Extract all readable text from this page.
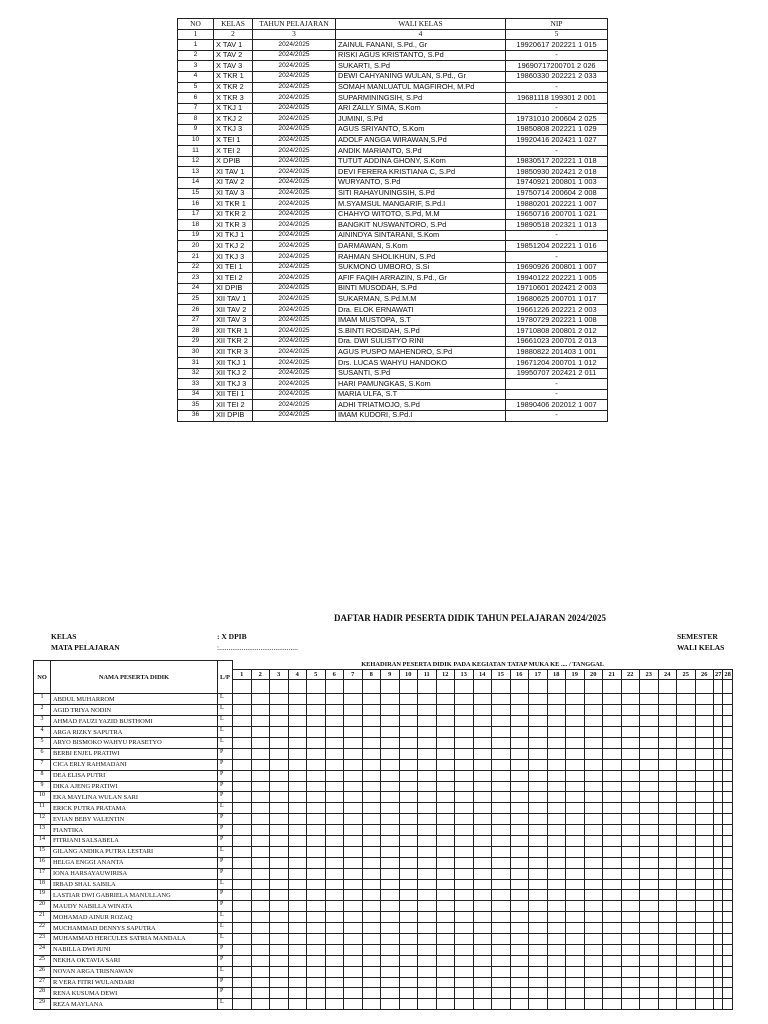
NO	KELAS	TAHUN PELAJARAN	WALI KELAS	NIP
1	2	3	4	5
1	X TAV 1	2024/2025	ZAINUL FANANI, S.Pd., Gr	19920617 202221 1 015
2	X TAV 2	2024/2025	RISKI AGUS KRISTANTO, S.Pd	-
3	X TAV 3	2024/2025	SUKARTI, S.Pd	19690717200701 2 026
4	X TKR 1	2024/2025	DEWI CAHYANING WULAN, S.Pd., Gr	19860330 202221 2 033
5	X TKR 2	2024/2025	SOMAH MANLUATUL MAGFIROH, M.Pd	-
6	X TKR 3	2024/2025	SUPARMININGSIH, S.Pd	19681118 199301 2 001
7	X TKJ 1	2024/2025	ARI ZALLY SIMA, S.Kom	-
8	X TKJ 2	2024/2025	JUMINI, S.Pd	19731010 200604 2 025
9	X TKJ 3	2024/2025	AGUS SRIYANTO, S.Kom	19850808 202221 1 029
10	X TEI 1	2024/2025	ADOLF ANGGA WIRAWAN,S.Pd	19920416 202421 1 027
11	X TEI 2	2024/2025	ANDIK MARIANTO, S.Pd	-
12	X DPIB	2024/2025	TUTUT ADDINA GHONY, S.Kom	19830517 202221 1 018
13	XI TAV 1	2024/2025	DEVI FERERA KRISTIANA C, S.Pd	19850930 202421 2 018
14	XI TAV 2	2024/2025	WURYANTO, S.Pd	19740921 200801 1 003
15	XI TAV 3	2024/2025	SITI RAHAYUNINGSIH, S.Pd	19750714 200604 2 008
16	XI TKR 1	2024/2025	M.SYAMSUL MANGARIF, S.Pd.I	19880201 202221 1 007
17	XI TKR 2	2024/2025	CHAHYO WITOTO, S.Pd, M.M	19650716 200701 1 021
18	XI TKR 3	2024/2025	BANGKIT NUSWANTORO, S.Pd	19890518 202321 1 013
19	XI TKJ 1	2024/2025	AININDYA SINTARANI, S.Kom	-
20	XI TKJ 2	2024/2025	DARMAWAN, S.Kom	19851204 202221 1 016
21	XI TKJ 3	2024/2025	RAHMAN SHOLIKHUN, S.Pd	-
22	XI TEI 1	2024/2025	SUKMONO UMBORO, S.Si	19690926 200801 1 007
23	XI TEI 2	2024/2025	AFIF FAQIH ARRAZIN, S.Pd., Gr	19940122 202221 1 005
24	XI DPIB	2024/2025	BINTI MUSODAH, S.Pd	19710601 202421 2 003
25	XII TAV 1	2024/2025	SUKARMAN, S.Pd.M.M	19680625 200701 1 017
26	XII TAV 2	2024/2025	Dra. ELOK ERNAWATI	19661226 202221 2 003
27	XII TAV 3	2024/2025	IMAM MUSTOPA, S.T	19780729 202221 1 008
28	XII TKR 1	2024/2025	S.BINTI ROSIDAH, S.Pd	19710808 200801 2 012
29	XII TKR 2	2024/2025	Dra. DWI SULISTYO RINI	19661023 200701 2 013
30	XII TKR 3	2024/2025	AGUS PUSPO MAHENDRO, S.Pd	19880822 201403 1 001
31	XII TKJ 1	2024/2025	Drs. LUCAS WAHYU HANDOKO	19671204 200701 1 012
32	XII TKJ 2	2024/2025	SUSANTI, S.Pd	19950707 202421 2 011
33	XII TKJ 3	2024/2025	HARI PAMUNGKAS, S.Kom	-
34	XII TEI 1	2024/2025	MARIA ULFA, S.T	-
35	XII TEI 2	2024/2025	ADHI TRIATMOJO, S.Pd	19890406 202012 1 007
36	XII DPIB	2024/2025	IMAM KUDORI, S.Pd.I	-
DAFTAR HADIR PESERTA DIDIK TAHUN PELAJARAN 2024/2025
KELAS	: X DPIB
MATA PELAJARAN	:..........................................
SEMESTER
WALI KELAS
NO	NAMA PESERTA DIDIK	L/P	KEHADIRAN PESERTA DIDIK PADA KEGIATAN TATAP MUKA KE .... / TANGGAL																											
			1	2	3	4	5	6	7	8	9	10	11	12	13	14	15	16	17	18	19	20	21	22	23	24	25	26	27	28

1	ABDUL MUHARROM	L																												
2	AGID TRIYA NODIN	L																												
3	AHMAD FAUZI YAZID BUSTHOMI	L																												
4	ARGA RIZKY SAPUTRA	L																												
5	ARYO BISMOKO WAHYU PRASETYO	L																												
6	BERBI ENJEL PRATIWI	P																												
7	CICA ERLY RAHMADANI	P																												
8	DEA ELISA PUTRI	P																												
9	DIKA AJENG PRATIWI	P																												
10	EKA MAYLINA WULAN SARI	P																												
11	ERICK PUTRA PRATAMA	L																												
12	EVIAN BEBY VALENTIN	P																												
13	FIANTIKA	P																												
14	FITRIANI SALSABELA	P																												
15	GILANG ANDIKA PUTRA LESTARI	L																												
16	HELGA ENGGI ANANTA	P																												
17	IONA HARSAYAUWIRISA	P																												
18	IRBAD SHAL SABILA	L																												
19	LASTIAR DWI GABRIELA MANULLANG	P																												
20	MAUDY NABILLA WINATA	P																												
21	MOHAMAD AINUR ROZAQ	L																												
22	MUCHAMMAD DENNYS SAPUTRA	L																												
23	MUHAMMAD HERCULES SATRIA MANDALA	L																												
24	NABILLA DWI JUNI	P																												
25	NEKHA OKTAVIA SARI	P																												
26	NOVAN ARGA TRISNAWAN	L																												
27	R VERA FITRI WULANDARI	P																												
28	RENA KUSUMA DEWI	P																												
29	REZA MAYLANA	L																												
